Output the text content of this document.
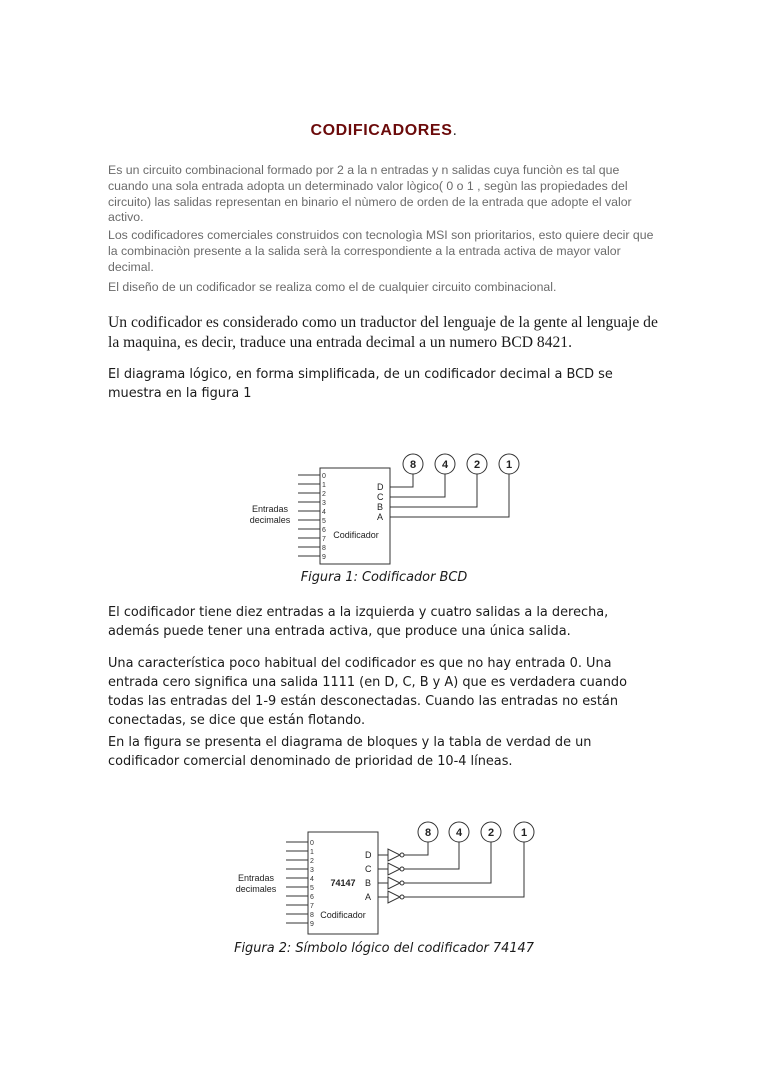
CODIFICADORES.
Es un circuito combinacional formado por 2 a la n entradas y n salidas cuya funciòn es tal que cuando una sola entrada adopta un determinado valor lògico( 0 o 1 , segùn las propiedades del circuito) las salidas representan en binario el nùmero de orden de la entrada que adopte el valor activo.
Los codificadores comerciales construidos con tecnologìa MSI son prioritarios, esto quiere decir que la combinaciòn presente a la salida serà la correspondiente a la entrada activa de mayor valor decimal.
El diseño de un codificador se realiza como el de cualquier circuito combinacional.
Un codificador es considerado como un traductor del lenguaje de la gente al lenguaje de la maquina, es decir, traduce una entrada decimal a un numero BCD 8421.
El diagrama lógico, en forma simplificada, de un codificador decimal a BCD se muestra en la figura 1
0
1
2
3
4
5
6
7
8
9
Entradas
decimales
Codificador
D
C
B
A
8 4 2 1
Figura 1: Codificador BCD
El codificador tiene diez entradas a la izquierda y cuatro salidas a la derecha, además puede tener una entrada activa, que produce una única salida.
Una característica poco habitual del codificador es que no hay entrada 0. Una entrada cero significa una salida 1111 (en D, C, B y A) que es verdadera cuando todas las entradas del 1-9 están desconectadas. Cuando las entradas no están conectadas, se dice que están flotando.
En la figura se presenta el diagrama de bloques y la tabla de verdad de un codificador comercial denominado de prioridad de 10-4 líneas.
0
1
2
3
4
5
6
7
8
9
Entradas
decimales
74147
Codificador
D
C
B
A
8 4 2 1
Figura 2: Símbolo lógico del codificador 74147
